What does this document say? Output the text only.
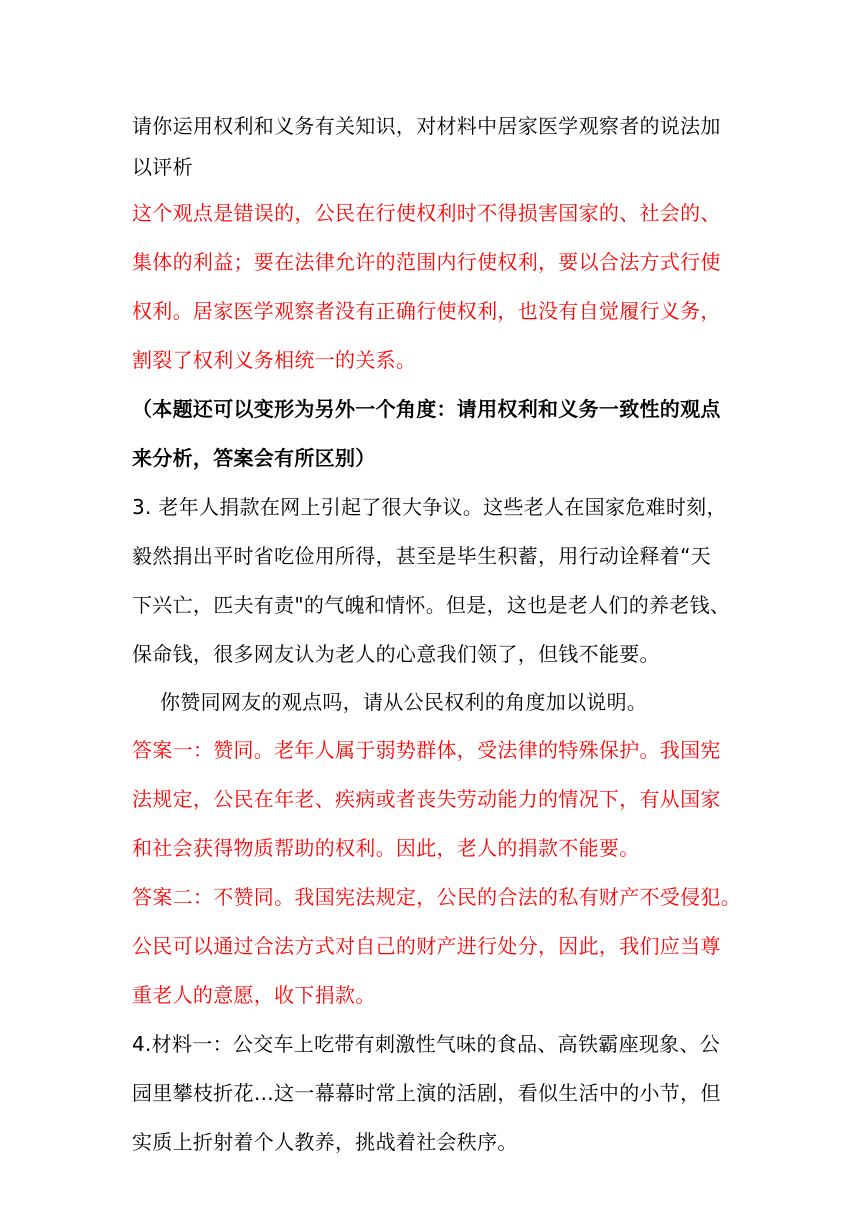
请你运用权利和义务有关知识，对材料中居家医学观察者的说法加
以评析
这个观点是错误的，公民在行使权利时不得损害国家的、社会的、
集体的利益；要在法律允许的范围内行使权利，要以合法方式行使
权利。居家医学观察者没有正确行使权利，也没有自觉履行义务，
割裂了权利义务相统一的关系。
（本题还可以变形为另外一个角度：请用权利和义务一致性的观点
来分析，答案会有所区别）
3. 老年人捐款在网上引起了很大争议。这些老人在国家危难时刻，
毅然捐出平时省吃俭用所得，甚至是毕生积蓄，用行动诠释着“天
下兴亡，匹夫有责"的气魄和情怀。但是，这也是老人们的养老钱、
保命钱，很多网友认为老人的心意我们领了，但钱不能要。
你赞同网友的观点吗，请从公民权利的角度加以说明。
答案一：赞同。老年人属于弱势群体，受法律的特殊保护。我国宪
法规定，公民在年老、疾病或者丧失劳动能力的情况下，有从国家
和社会获得物质帮助的权利。因此，老人的捐款不能要。
答案二：不赞同。我国宪法规定，公民的合法的私有财产不受侵犯。
公民可以通过合法方式对自己的财产进行处分，因此，我们应当尊
重老人的意愿，收下捐款。
4.材料一：公交车上吃带有刺激性气味的食品、高铁霸座现象、公
园里攀枝折花…这一幕幕时常上演的活剧，看似生活中的小节，但
实质上折射着个人教养，挑战着社会秩序。
